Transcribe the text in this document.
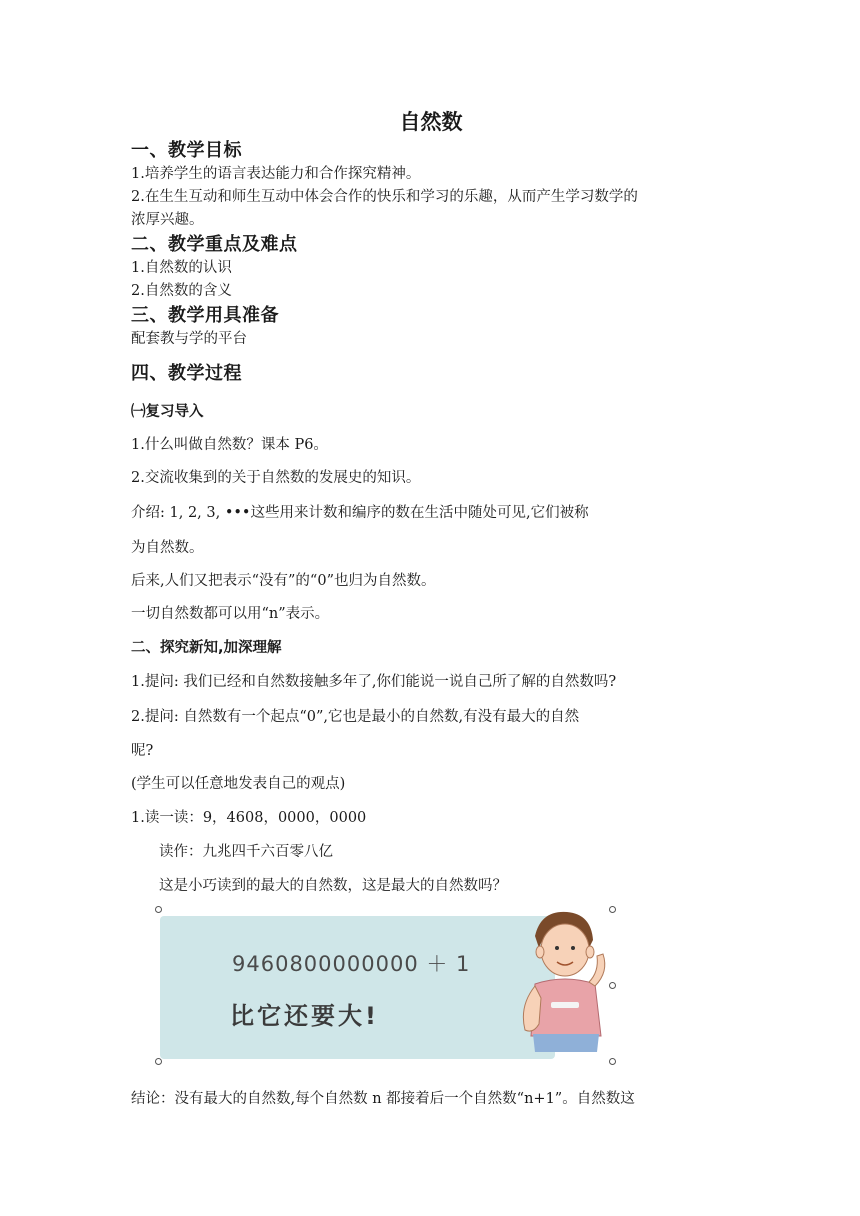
自然数
一、教学目标
1.培养学生的语言表达能力和合作探究精神。
2.在生生互动和师生互动中体会合作的快乐和学习的乐趣，从而产生学习数学的
浓厚兴趣。
二、教学重点及难点
1.自然数的认识
2.自然数的含义
三、教学用具准备
配套教与学的平台
四、教学过程
㈠复习导入
1.什么叫做自然数？课本 P6。
2.交流收集到的关于自然数的发展史的知识。
介绍: 1, 2, 3, •••这些用来计数和编序的数在生活中随处可见,它们被称
为自然数。
后来,人们又把表示“没有”的“0”也归为自然数。
一切自然数都可以用“n”表示。
二、探究新知,加深理解
1.提问: 我们已经和自然数接触多年了,你们能说一说自己所了解的自然数吗?
2.提问: 自然数有一个起点“0”,它也是最小的自然数,有没有最大的自然
呢?
(学生可以任意地发表自己的观点)
1.读一读：9，4608，0000，0000
读作：九兆四千六百零八亿
这是小巧读到的最大的自然数，这是最大的自然数吗？
9460800000000 ＋ 1
比它还要大!
结论：没有最大的自然数,每个自然数 n 都接着后一个自然数“n+1”。自然数这
